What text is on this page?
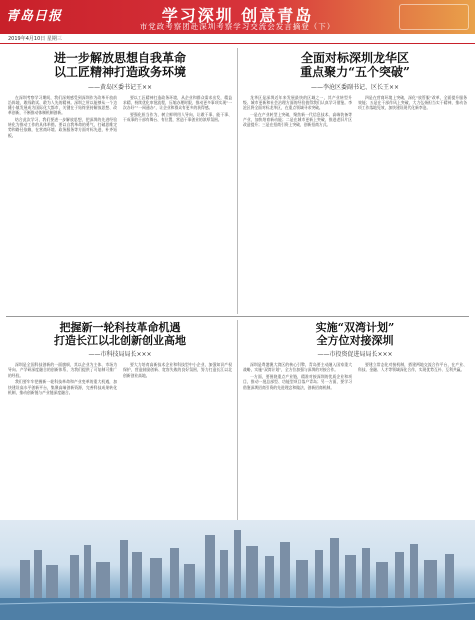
青岛日报	学习深圳 创意青岛
市党政考察团赴深圳考察学习交流会发言摘登（下）
2019年4月10日 星期三
进一步解放思想自我革命
以工匠精神打造政务环境
——黄岛区委书记王××

在深圳考察学习期间，我们深刻感受到深圳作为改革开放前沿阵地，敢闯敢试、敢为人先的精神。深圳之所以能够从一个边陲小镇发展成为国际化大都市，关键在于始终坚持解放思想、改革创新，不断推动体制机制创新。

结合此次学习，我们要进一步解放思想，把深圳的先进经验转化为推动工作的具体举措。要以自我革命的勇气，打破思维定势和路径依赖，在营商环境、政务服务等方面对标先进，补齐短板。

要以工匠精神打造政务环境，从企业和群众需求出发，精益求精，持续优化审批流程，压缩办理时限，推动更多事项实现“一次办好”“一网通办”，让企业和群众有更多的获得感。

要强化担当作为，树立鲜明用人导向，让敢干事、能干事、干成事的干部有舞台、有位置，营造干事创业的浓厚氛围。

全面对标深圳龙华区
重点聚力“五个突破”
——李沧区委副书记、区长王××

龙华区是深圳近年来发展最快的区域之一，其产业转型升级、城市更新和社会治理方面的经验值得我们认真学习借鉴。李沧区将全面对标龙华区，在重点领域寻求突破。

一是在产业转型上突破，聚焦新一代信息技术、高端装备等产业，加快培育新动能；二是在城市更新上突破，推进老旧片区改造提升；三是在招商引资上突破，创新招商方式。

四是在营商环境上突破，深化“放管服”改革，全面提升服务效能；五是在干部作风上突破，大力弘扬担当实干精神，推动各项工作落地见效，加快建设现代化新李沧。

把握新一轮科技革命机遇
打造长江以北创新创业高地
——市科技局局长×××

深圳是全国科技创新的一面旗帜，其以企业为主体、市场为导向、产学研深度融合的创新体系，为我们提供了可复制可推广的经验。

我们要牢牢把握新一轮科技革命和产业变革的重大机遇，加快建设高水平创新平台，集聚高端创新资源，完善科技成果转化机制，推动创新链与产业链深度融合。

要大力培育高新技术企业和科技型中小企业，加强知识产权保护，营造鼓励创新、宽容失败的良好氛围，努力打造长江以北创新创业高地。

实施“双湾计划”
全方位对接深圳
——市投资促进局局长×××

深圳是粤港澳大湾区的核心引擎，青岛要主动融入国家重大战略，实施“双湾计划”，全方位加强与深圳的对接合作。

一方面，要围绕重点产业链，精准对接深圳的优质企业和项目，推动一批总部型、功能型项目落户青岛；另一方面，要学习借鉴深圳招商引资的先进理念和做法，创新招商机制。

要建立常态化对接机制，搭建两地交流合作平台，在产业、科技、金融、人才等领域深化合作，实现优势互补、互利共赢。
